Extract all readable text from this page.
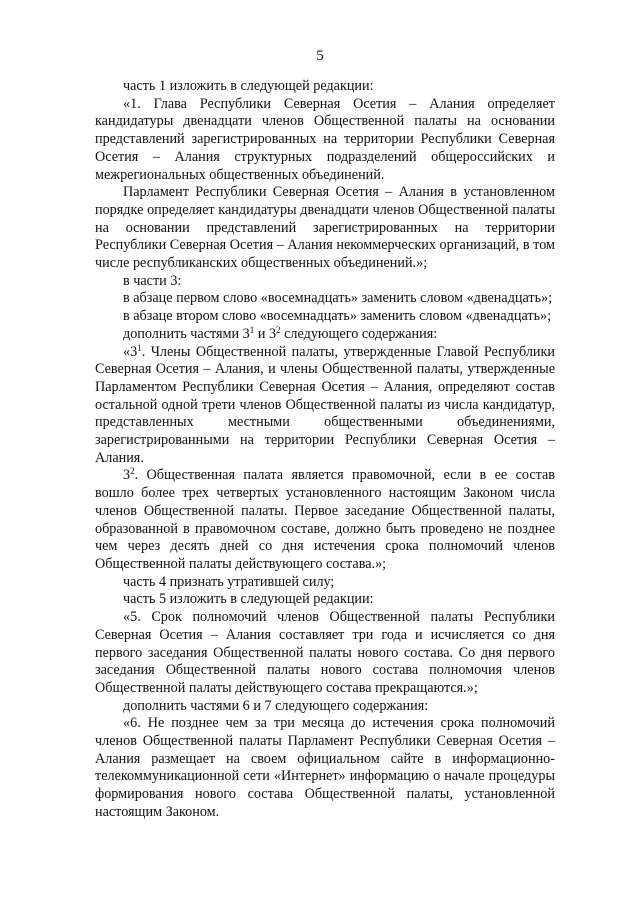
5

часть 1 изложить в следующей редакции:

«1. Глава Республики Северная Осетия – Алания определяет кандидатуры двенадцати членов Общественной палаты на основании представлений зарегистрированных на территории Республики Северная Осетия – Алания структурных подразделений общероссийских и межрегиональных общественных объединений.

Парламент Республики Северная Осетия – Алания в установленном порядке определяет кандидатуры двенадцати членов Общественной палаты на основании представлений зарегистрированных на территории Республики Северная Осетия – Алания некоммерческих организаций, в том числе республиканских общественных объединений.»;

в части 3:

в абзаце первом слово «восемнадцать» заменить словом «двенадцать»;

в абзаце втором слово «восемнадцать» заменить словом «двенадцать»;

дополнить частями $3^1$ и $3^2$ следующего содержания:

«$3^1$. Члены Общественной палаты, утвержденные Главой Республики Северная Осетия – Алания, и члены Общественной палаты, утвержденные Парламентом Республики Северная Осетия – Алания, определяют состав остальной одной трети членов Общественной палаты из числа кандидатур, представленных местными общественными объединениями, зарегистрированными на территории Республики Северная Осетия – Алания.

$3^2$. Общественная палата является правомочной, если в ее состав вошло более трех четвертых установленного настоящим Законом числа членов Общественной палаты. Первое заседание Общественной палаты, образованной в правомочном составе, должно быть проведено не позднее чем через десять дней со дня истечения срока полномочий членов Общественной палаты действующего состава.»;

часть 4 признать утратившей силу;

часть 5 изложить в следующей редакции:

«5. Срок полномочий членов Общественной палаты Республики Северная Осетия – Алания составляет три года и исчисляется со дня первого заседания Общественной палаты нового состава. Со дня первого заседания Общественной палаты нового состава полномочия членов Общественной палаты действующего состава прекращаются.»;

дополнить частями 6 и 7 следующего содержания:

«6. Не позднее чем за три месяца до истечения срока полномочий членов Общественной палаты Парламент Республики Северная Осетия – Алания размещает на своем официальном сайте в информационно-телекоммуникационной сети «Интернет» информацию о начале процедуры формирования нового состава Общественной палаты, установленной настоящим Законом.
